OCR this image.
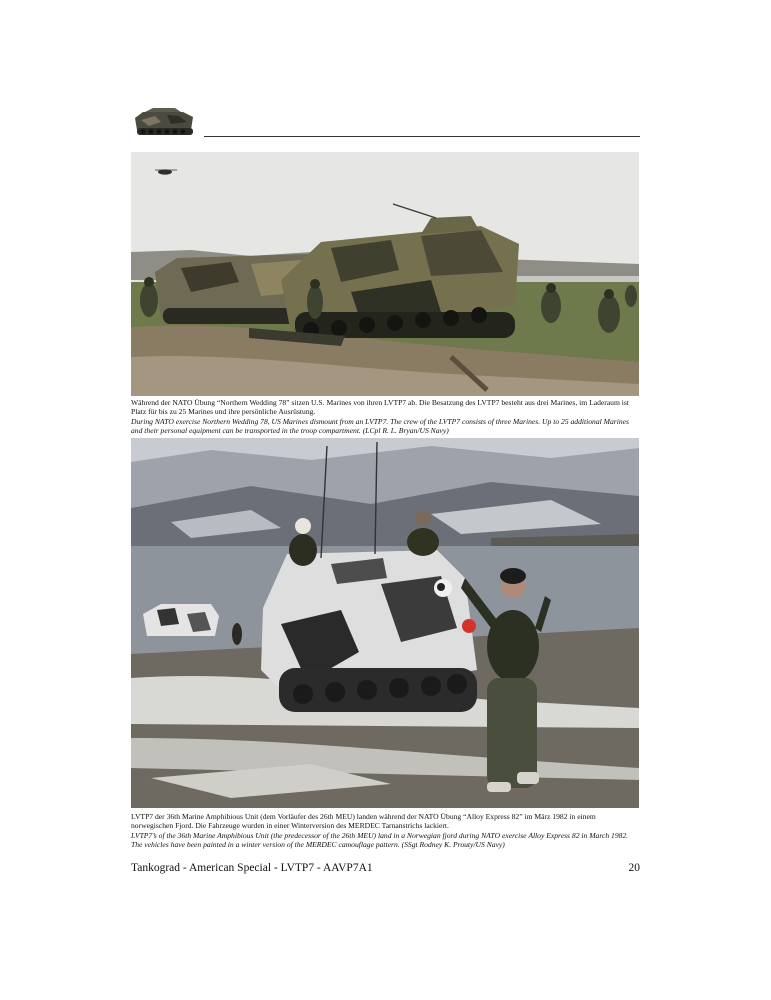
Während der NATO Übung “Northern Wedding 78” sitzen U.S. Marines von ihren LVTP7 ab. Die Besatzung des LVTP7 besteht aus drei Marines, im Laderaum ist Platz für bis zu 25 Marines und ihre persönliche Ausrüstung.

During NATO exercise Northern Wedding 78, US Marines dismount from an LVTP7. The crew of the LVTP7 consists of three Marines. Up to 25 additional Marines and their personal equipment can be transported in the troop compartment. (LCpl R. L. Bryan/US Navy)

LVTP7 der 36th Marine Amphibious Unit (dem Vorläufer des 26th MEU) landen während der NATO Übung “Alloy Express 82” im März 1982 in einem norwegischen Fjord. Die Fahrzeuge wurden in einer Winterversion des MERDEC Tarnanstrichs lackiert.

LVTP7’s of the 36th Marine Amphibious Unit (the predecessor of the 26th MEU) land in a Norwegian fjord during NATO exercise Alloy Express 82 in March 1982. The vehicles have been painted in a winter version of the MERDEC camouflage pattern. (SSgt Rodney K. Prouty/US Navy)

Tankograd - American Special - LVTP7 - AAVP7A1	20
